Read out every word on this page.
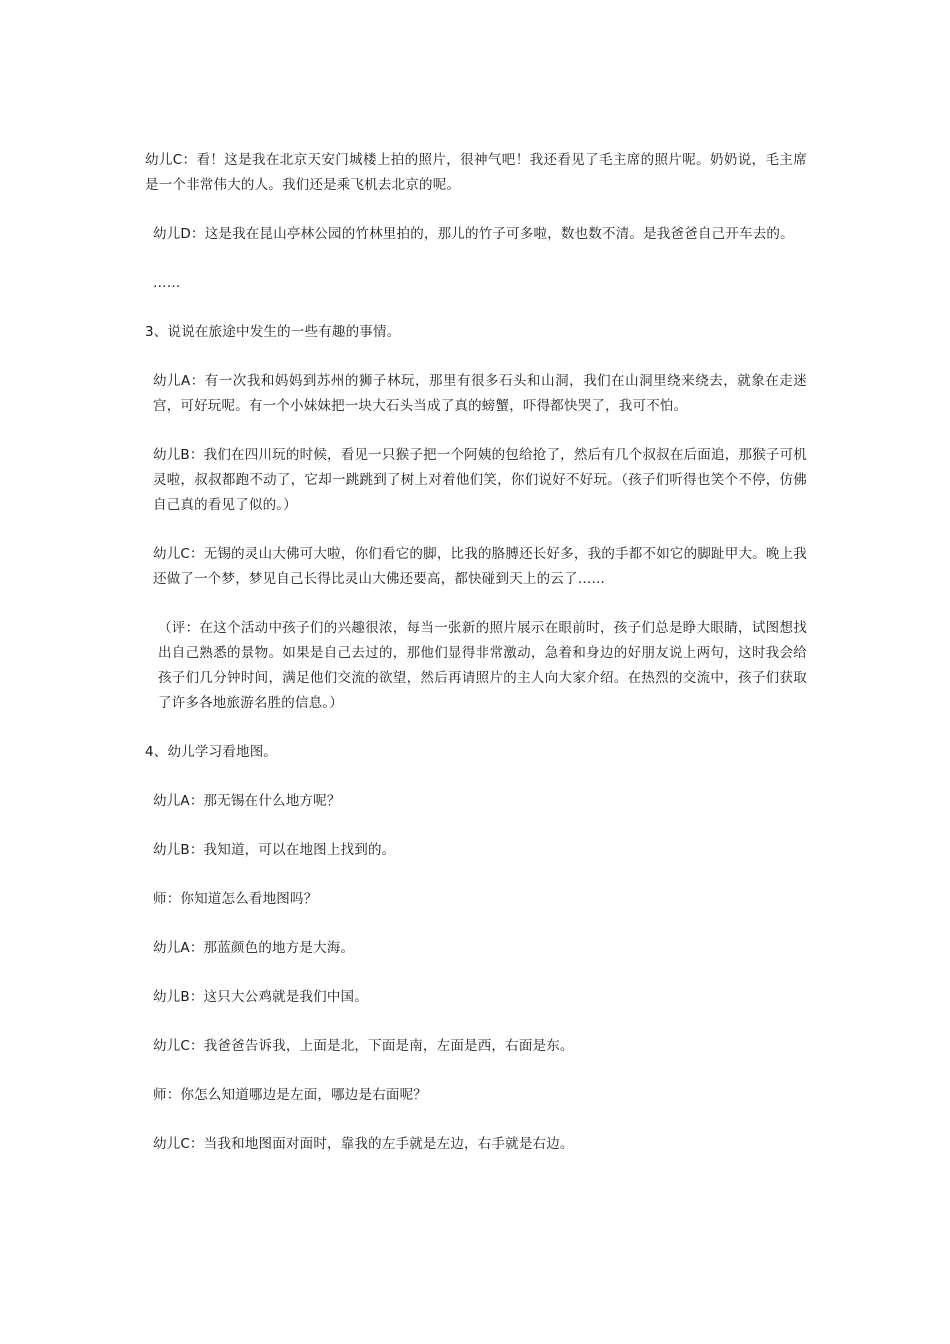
幼儿C：看！这是我在北京天安门城楼上拍的照片，很神气吧！我还看见了毛主席的照片呢。奶奶说，毛主席是一个非常伟大的人。我们还是乘飞机去北京的呢。

幼儿D：这是我在昆山亭林公园的竹林里拍的，那儿的竹子可多啦，数也数不清。是我爸爸自己开车去的。

……

3、说说在旅途中发生的一些有趣的事情。

幼儿A：有一次我和妈妈到苏州的狮子林玩，那里有很多石头和山洞，我们在山洞里绕来绕去，就象在走迷宫，可好玩呢。有一个小妹妹把一块大石头当成了真的螃蟹，吓得都快哭了，我可不怕。

幼儿B：我们在四川玩的时候，看见一只猴子把一个阿姨的包给抢了，然后有几个叔叔在后面追，那猴子可机灵啦，叔叔都跑不动了，它却一跳跳到了树上对着他们笑，你们说好不好玩。（孩子们听得也笑个不停，仿佛自己真的看见了似的。）

幼儿C：无锡的灵山大佛可大啦，你们看它的脚，比我的胳膊还长好多，我的手都不如它的脚趾甲大。晚上我还做了一个梦，梦见自己长得比灵山大佛还要高，都快碰到天上的云了……

（评：在这个活动中孩子们的兴趣很浓，每当一张新的照片展示在眼前时，孩子们总是睁大眼睛，试图想找出自己熟悉的景物。如果是自己去过的，那他们显得非常激动，急着和身边的好朋友说上两句，这时我会给孩子们几分钟时间，满足他们交流的欲望，然后再请照片的主人向大家介绍。在热烈的交流中，孩子们获取了许多各地旅游名胜的信息。）

4、幼儿学习看地图。

幼儿A：那无锡在什么地方呢？

幼儿B：我知道，可以在地图上找到的。

师：你知道怎么看地图吗？

幼儿A：那蓝颜色的地方是大海。

幼儿B：这只大公鸡就是我们中国。

幼儿C：我爸爸告诉我，上面是北，下面是南，左面是西，右面是东。

师：你怎么知道哪边是左面，哪边是右面呢？

幼儿C：当我和地图面对面时，靠我的左手就是左边，右手就是右边。
